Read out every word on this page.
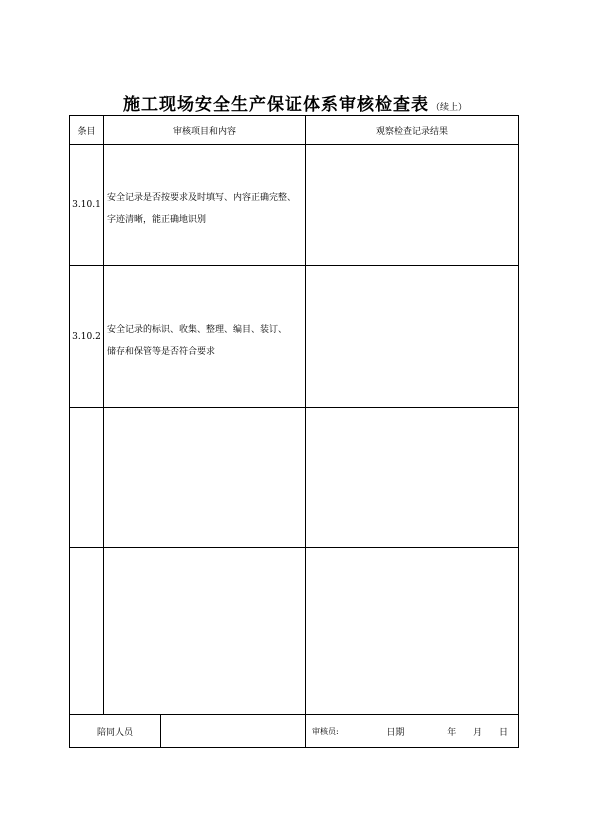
施工现场安全生产保证体系审核检查表 （续上）
条目	审核项目和内容		观察检查记录结果
3.10.1	安全记录是否按要求及时填写、内容正确完整、
字迹清晰，能正确地识别		

3.10.2	安全记录的标识、收集、整理、编目、装订、
储存和保管等是否符合要求		

陪同人员			审核员: 日期 年 月 日
